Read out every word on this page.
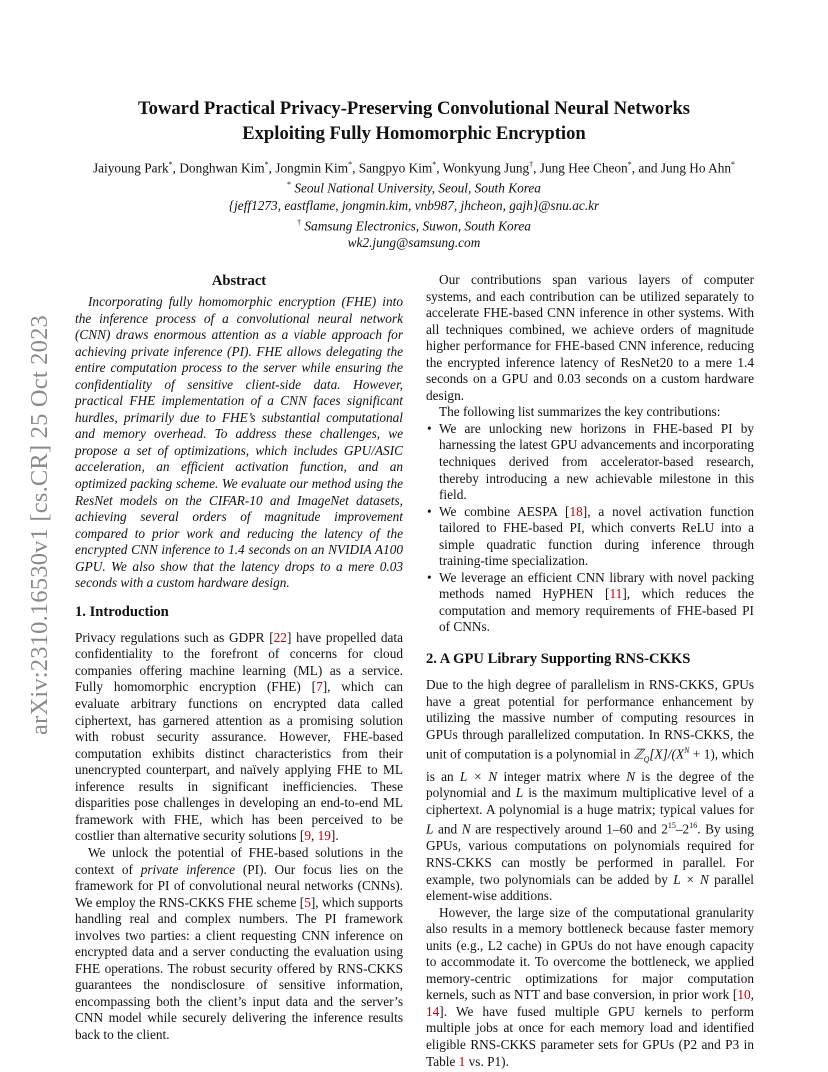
arXiv:2310.16530v1 [cs.CR] 25 Oct 2023
Toward Practical Privacy-Preserving Convolutional Neural Networks
Exploiting Fully Homomorphic Encryption
Jaiyoung Park*, Donghwan Kim*, Jongmin Kim*, Sangpyo Kim*, Wonkyung Jung†, Jung Hee Cheon*, and Jung Ho Ahn*
* Seoul National University, Seoul, South Korea
{jeff1273, eastflame, jongmin.kim, vnb987, jhcheon, gajh}@snu.ac.kr
† Samsung Electronics, Suwon, South Korea
wk2.jung@samsung.com
Abstract

Incorporating fully homomorphic encryption (FHE) into the inference process of a convolutional neural network (CNN) draws enormous attention as a viable approach for achieving private inference (PI). FHE allows delegating the entire computation process to the server while ensuring the confidentiality of sensitive client-side data. However, practical FHE implementation of a CNN faces significant hurdles, primarily due to FHE’s substantial computational and memory overhead. To address these challenges, we propose a set of optimizations, which includes GPU/ASIC acceleration, an efficient activation function, and an optimized packing scheme. We evaluate our method using the ResNet models on the CIFAR-10 and ImageNet datasets, achieving several orders of magnitude improvement compared to prior work and reducing the latency of the encrypted CNN inference to 1.4 seconds on an NVIDIA A100 GPU. We also show that the latency drops to a mere 0.03 seconds with a custom hardware design.

1. Introduction

Privacy regulations such as GDPR [22] have propelled data confidentiality to the forefront of concerns for cloud companies offering machine learning (ML) as a service. Fully homomorphic encryption (FHE) [7], which can evaluate arbitrary functions on encrypted data called ciphertext, has garnered attention as a promising solution with robust security assurance. However, FHE-based computation exhibits distinct characteristics from their unencrypted counterpart, and naïvely applying FHE to ML inference results in significant inefficiencies. These disparities pose challenges in developing an end-to-end ML framework with FHE, which has been perceived to be costlier than alternative security solutions [9, 19].

We unlock the potential of FHE-based solutions in the context of private inference (PI). Our focus lies on the framework for PI of convolutional neural networks (CNNs). We employ the RNS-CKKS FHE scheme [5], which supports handling real and complex numbers. The PI framework involves two parties: a client requesting CNN inference on encrypted data and a server conducting the evaluation using FHE operations. The robust security offered by RNS-CKKS guarantees the nondisclosure of sensitive information, encompassing both the client’s input data and the server’s CNN model while securely delivering the inference results back to the client.

Our contributions span various layers of computer systems, and each contribution can be utilized separately to accelerate FHE-based CNN inference in other systems. With all techniques combined, we achieve orders of magnitude higher performance for FHE-based CNN inference, reducing the encrypted inference latency of ResNet20 to a mere 1.4 seconds on a GPU and 0.03 seconds on a custom hardware design.

The following list summarizes the key contributions:

• We are unlocking new horizons in FHE-based PI by harnessing the latest GPU advancements and incorporating techniques derived from accelerator-based research, thereby introducing a new achievable milestone in this field.
• We combine AESPA [18], a novel activation function tailored to FHE-based PI, which converts ReLU into a simple quadratic function during inference through training-time specialization.
• We leverage an efficient CNN library with novel packing methods named HyPHEN [11], which reduces the computation and memory requirements of FHE-based PI of CNNs.
2. A GPU Library Supporting RNS-CKKS

Due to the high degree of parallelism in RNS-CKKS, GPUs have a great potential for performance enhancement by utilizing the massive number of computing resources in GPUs through parallelized computation. In RNS-CKKS, the unit of computation is a polynomial in $ℤ_Q[X]/(X^N + 1)$, which is an L × N integer matrix where N is the degree of the polynomial and L is the maximum multiplicative level of a ciphertext. A polynomial is a huge matrix; typical values for L and N are respectively around 1–60 and $2^{15}-2^{16}$. By using GPUs, various computations on polynomials required for RNS-CKKS can mostly be performed in parallel. For example, two polynomials can be added by L × N parallel element-wise additions.

However, the large size of the computational granularity also results in a memory bottleneck because faster memory units (e.g., L2 cache) in GPUs do not have enough capacity to accommodate it. To overcome the bottleneck, we applied memory-centric optimizations for major computation kernels, such as NTT and base conversion, in prior work [10, 14]. We have fused multiple GPU kernels to perform multiple jobs at once for each memory load and identified eligible RNS-CKKS parameter sets for GPUs (P2 and P3 in Table 1 vs. P1).
